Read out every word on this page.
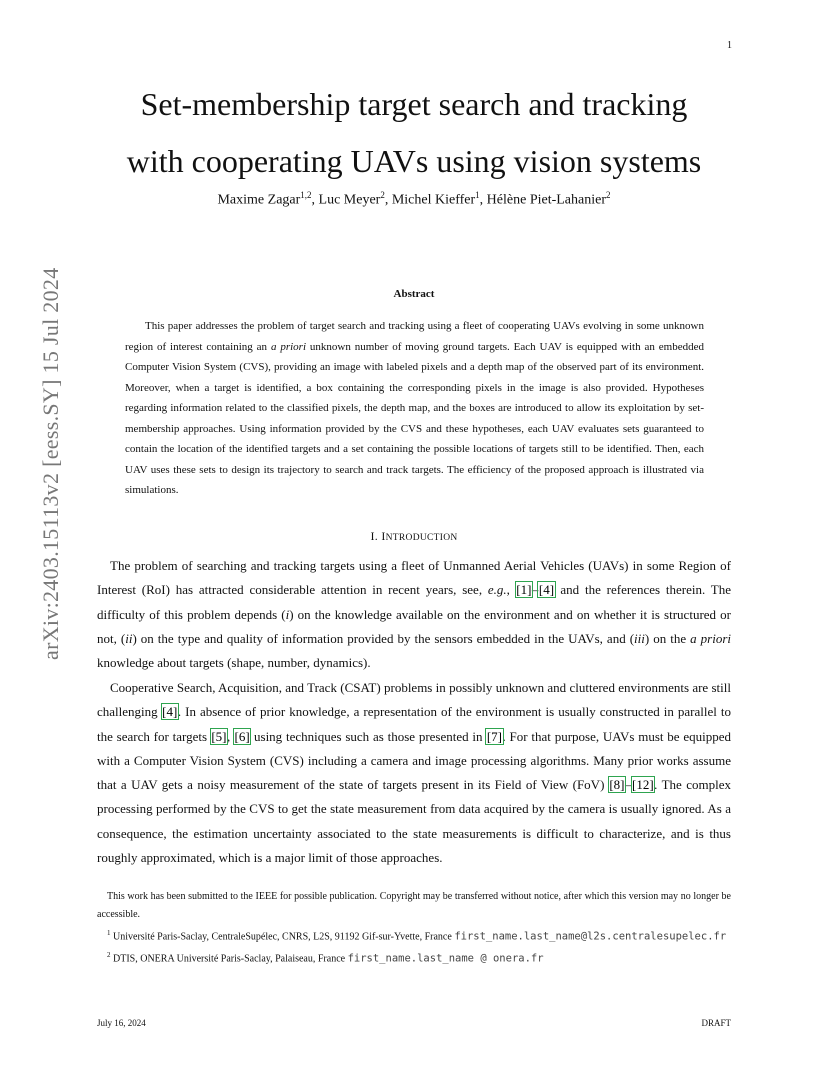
1
arXiv:2403.15113v2 [eess.SY] 15 Jul 2024
Set-membership target search and tracking
with cooperating UAVs using vision systems
Maxime Zagar$^{1,2}$, Luc Meyer$^2$, Michel Kieffer$^1$, Hélène Piet-Lahanier$^2$
Abstract
This paper addresses the problem of target search and tracking using a fleet of cooperating UAVs evolving in some unknown region of interest containing an a priori unknown number of moving ground targets. Each UAV is equipped with an embedded Computer Vision System (CVS), providing an image with labeled pixels and a depth map of the observed part of its environment. Moreover, when a target is identified, a box containing the corresponding pixels in the image is also provided. Hypotheses regarding information related to the classified pixels, the depth map, and the boxes are introduced to allow its exploitation by set-membership approaches. Using information provided by the CVS and these hypotheses, each UAV evaluates sets guaranteed to contain the location of the identified targets and a set containing the possible locations of targets still to be identified. Then, each UAV uses these sets to design its trajectory to search and track targets. The efficiency of the proposed approach is illustrated via simulations.
I. INTRODUCTION
The problem of searching and tracking targets using a fleet of Unmanned Aerial Vehicles (UAVs) in some Region of Interest (RoI) has attracted considerable attention in recent years, see, e.g., [1]–[4] and the references therein. The difficulty of this problem depends (i) on the knowledge available on the environment and on whether it is structured or not, (ii) on the type and quality of information provided by the sensors embedded in the UAVs, and (iii) on the a priori knowledge about targets (shape, number, dynamics).
Cooperative Search, Acquisition, and Track (CSAT) problems in possibly unknown and cluttered environments are still challenging [4]. In absence of prior knowledge, a representation of the environment is usually constructed in parallel to the search for targets [5], [6] using techniques such as those presented in [7]. For that purpose, UAVs must be equipped with a Computer Vision System (CVS) including a camera and image processing algorithms. Many prior works assume that a UAV gets a noisy measurement of the state of targets present in its Field of View (FoV) [8]–[12]. The complex processing performed by the CVS to get the state measurement from data acquired by the camera is usually ignored. As a consequence, the estimation uncertainty associated to the state measurements is difficult to characterize, and is thus roughly approximated, which is a major limit of those approaches.
This work has been submitted to the IEEE for possible publication. Copyright may be transferred without notice, after which this version may no longer be accessible.
$^1$ Université Paris-Saclay, CentraleSupélec, CNRS, L2S, 91192 Gif-sur-Yvette, France first_name.last_name@l2s.centralesupelec.fr
$^2$ DTIS, ONERA Université Paris-Saclay, Palaiseau, France first_name.last_name @ onera.fr
July 16, 2024	DRAFT
